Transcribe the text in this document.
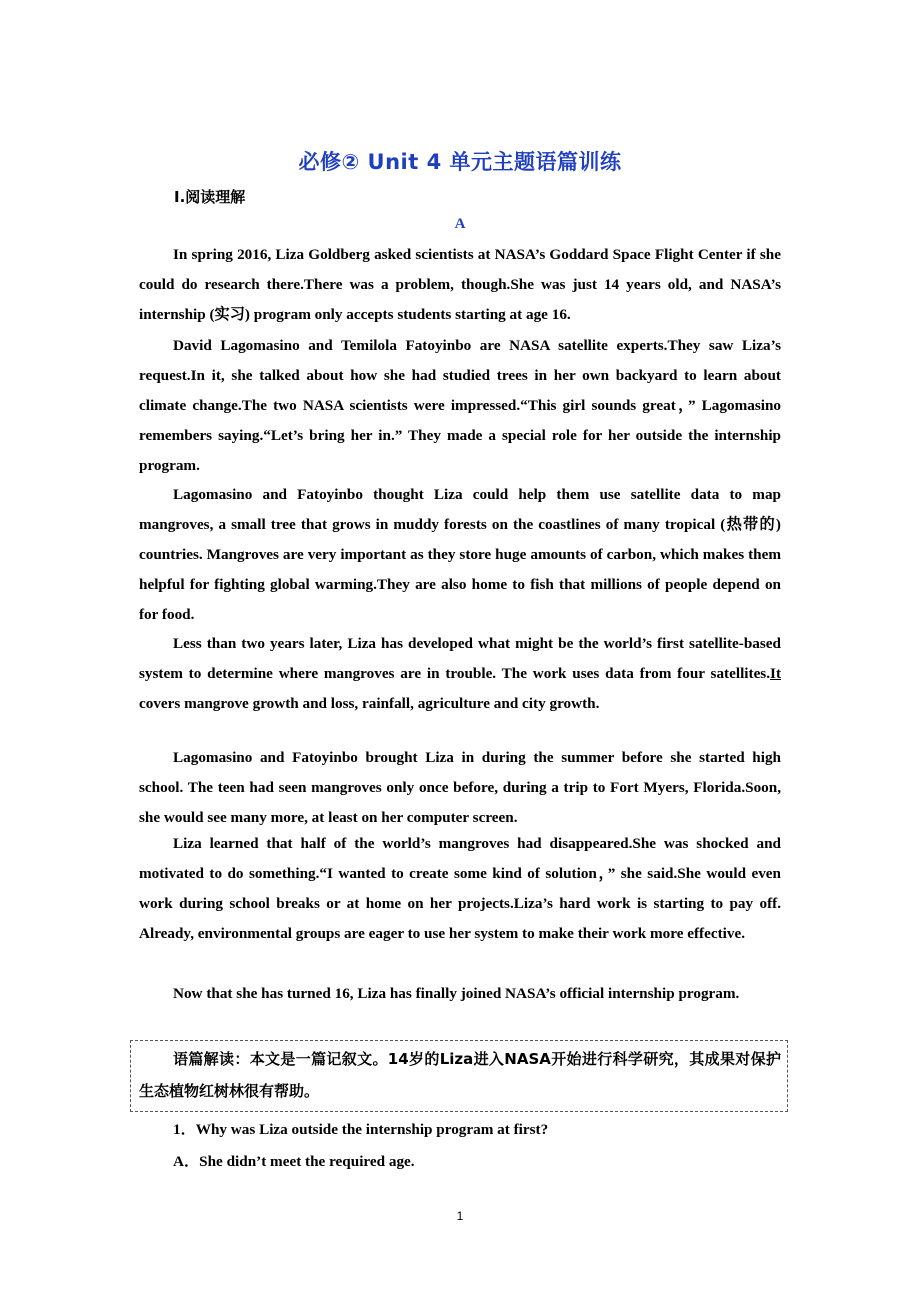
必修② Unit 4 单元主题语篇训练
Ⅰ.阅读理解
A

In spring 2016, Liza Goldberg asked scientists at NASA’s Goddard Space Flight Center if she could do research there.There was a problem, though.She was just 14 years old, and NASA’s internship (实习) program only accepts students starting at age 16.

David Lagomasino and Temilola Fatoyinbo are NASA satellite experts.They saw Liza’s request.In it, she talked about how she had studied trees in her own backyard to learn about climate change.The two NASA scientists were impressed.“This girl sounds great，” Lagomasino remembers saying.“Let’s bring her in.” They made a special role for her outside the internship program.

Lagomasino and Fatoyinbo thought Liza could help them use satellite data to map mangroves, a small tree that grows in muddy forests on the coastlines of many tropical (热带的) countries. Mangroves are very important as they store huge amounts of carbon, which makes them helpful for fighting global warming.They are also home to fish that millions of people depend on for food.

Less than two years later, Liza has developed what might be the world’s first satellite-based system to determine where mangroves are in trouble. The work uses data from four satellites.It covers mangrove growth and loss, rainfall, agriculture and city growth.

Lagomasino and Fatoyinbo brought Liza in during the summer before she started high school. The teen had seen mangroves only once before, during a trip to Fort Myers, Florida.Soon, she would see many more, at least on her computer screen.

Liza learned that half of the world’s mangroves had disappeared.She was shocked and motivated to do something.“I wanted to create some kind of solution，” she said.She would even work during school breaks or at home on her projects.Liza’s hard work is starting to pay off. Already, environmental groups are eager to use her system to make their work more effective.

Now that she has turned 16, Liza has finally joined NASA’s official internship program.

语篇解读：本文是一篇记叙文。14岁的Liza进入NASA开始进行科学研究，其成果对保护生态植物红树林很有帮助。

1．Why was Liza outside the internship program at first?
A．She didn’t meet the required age.
1
